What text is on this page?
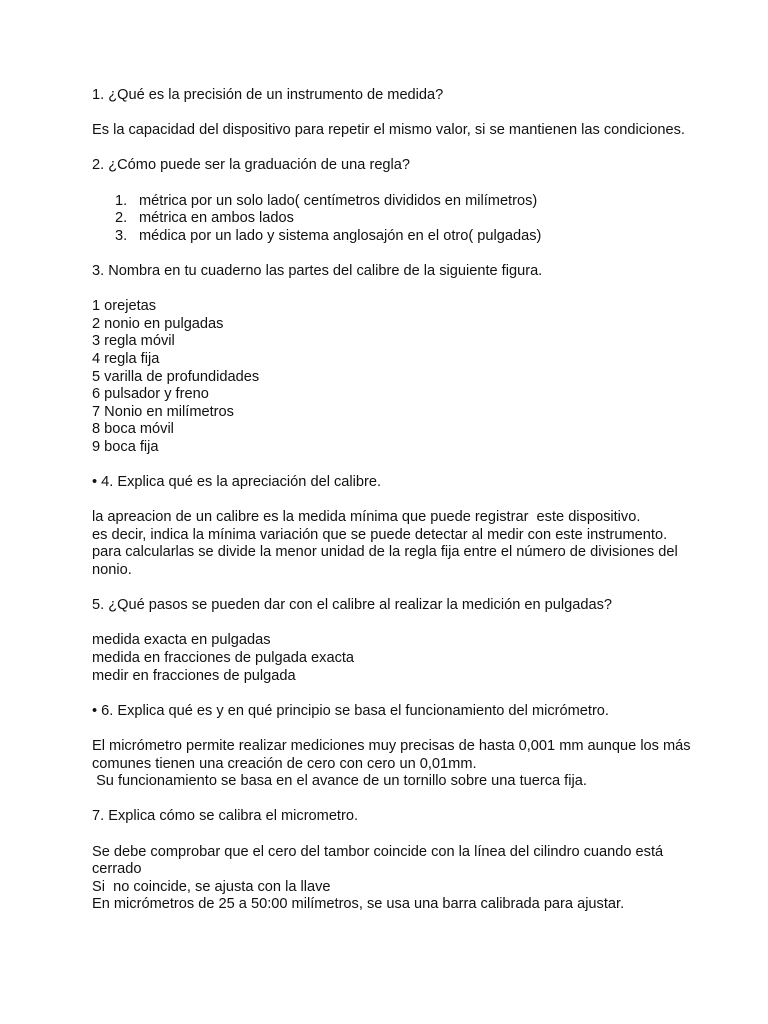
1. ¿Qué es la precisión de un instrumento de medida?

Es la capacidad del dispositivo para repetir el mismo valor, si se mantienen las condiciones.

2. ¿Cómo puede ser la graduación de una regla?

métrica por un solo lado( centímetros divididos en milímetros)
métrica en ambos lados
médica por un lado y sistema anglosajón en el otro( pulgadas)

3. Nombra en tu cuaderno las partes del calibre de la siguiente figura.

1 orejetas

2 nonio en pulgadas

3 regla móvil

4 regla fija

5 varilla de profundidades

6 pulsador y freno

7 Nonio en milímetros

8 boca móvil

9 boca fija

• 4. Explica qué es la apreciación del calibre.

la apreacion de un calibre es la medida mínima que puede registrar  este dispositivo.

es decir, indica la mínima variación que se puede detectar al medir con este instrumento.

para calcularlas se divide la menor unidad de la regla fija entre el número de divisiones del

nonio.

5. ¿Qué pasos se pueden dar con el calibre al realizar la medición en pulgadas?

medida exacta en pulgadas

medida en fracciones de pulgada exacta

medir en fracciones de pulgada

• 6. Explica qué es y en qué principio se basa el funcionamiento del micrómetro.

El micrómetro permite realizar mediciones muy precisas de hasta 0,001 mm aunque los más

comunes tienen una creación de cero con cero un 0,01mm.

Su funcionamiento se basa en el avance de un tornillo sobre una tuerca fija.

7. Explica cómo se calibra el micrometro.

Se debe comprobar que el cero del tambor coincide con la línea del cilindro cuando está

cerrado

Si  no coincide, se ajusta con la llave

En micrómetros de 25 a 50:00 milímetros, se usa una barra calibrada para ajustar.
